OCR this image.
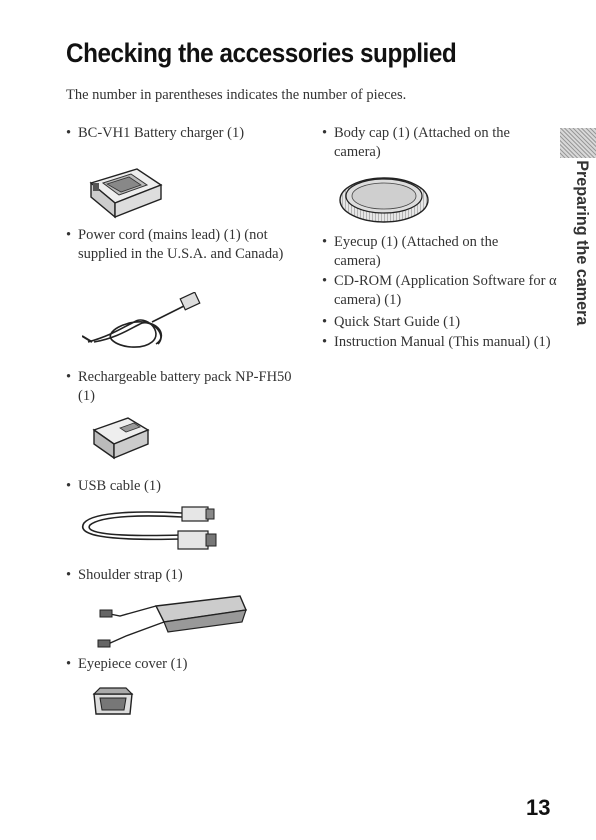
Checking the accessories supplied

The number in parentheses indicates the number of pieces.

• BC-VH1 Battery charger (1)
• Power cord (mains lead) (1) (not supplied in the U.S.A. and Canada)
• Rechargeable battery pack NP-FH50 (1)
• USB cable (1)
• Shoulder strap (1)
• Eyepiece cover (1)
• Body cap (1) (Attached on the camera)
• Eyecup (1) (Attached on the camera)
• CD-ROM (Application Software for α camera) (1)
• Quick Start Guide (1)
• Instruction Manual (This manual) (1)
Preparing the camera
13
